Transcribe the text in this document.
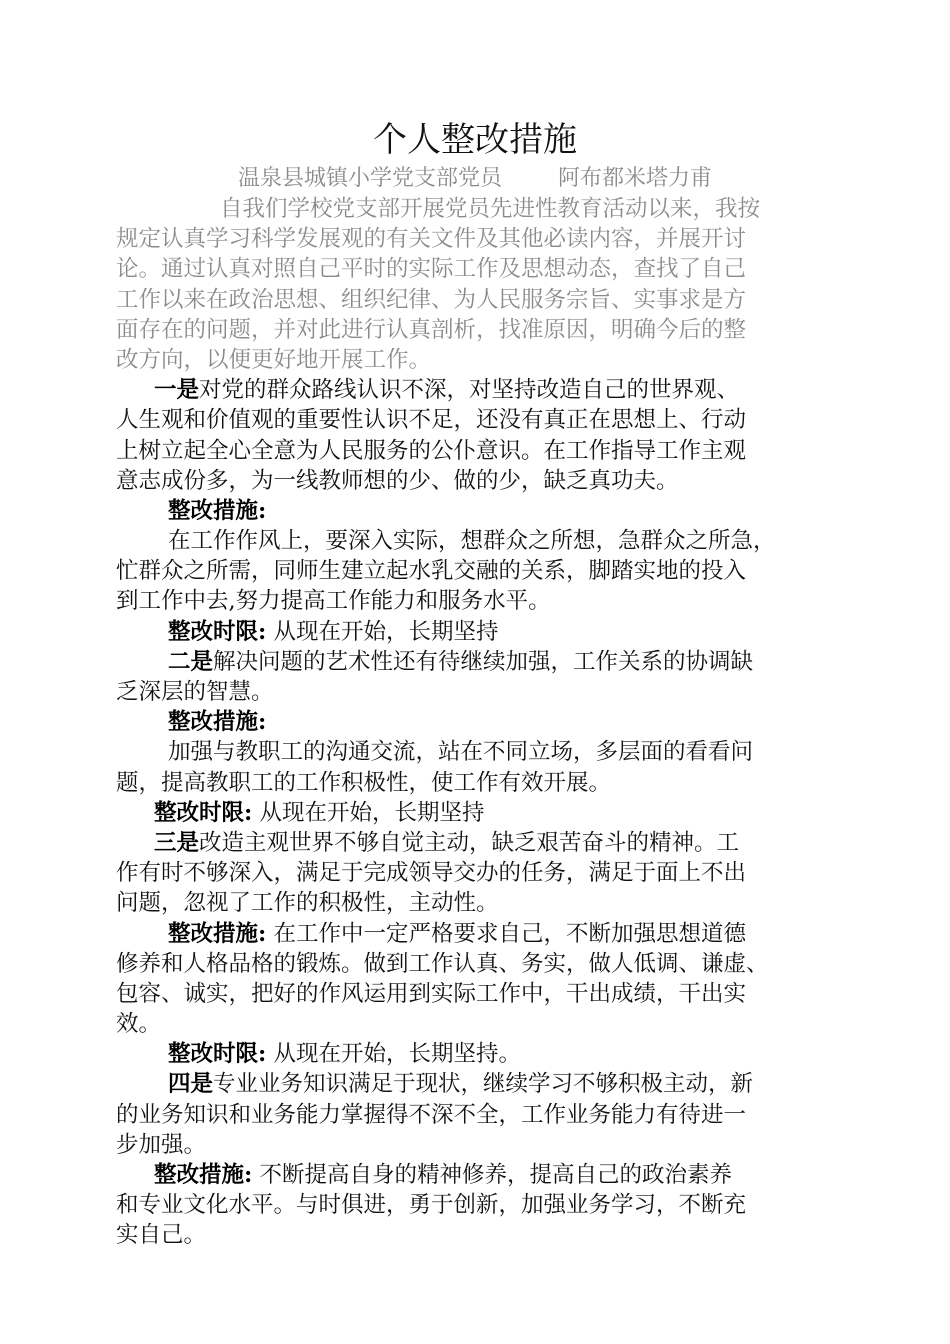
个人整改措施
温泉县城镇小学党支部党员        阿布都米塔力甫
自我们学校党支部开展党员先进性教育活动以来，我按
规定认真学习科学发展观的有关文件及其他必读内容，并展开讨
论。通过认真对照自己平时的实际工作及思想动态，查找了自己
工作以来在政治思想、组织纪律、为人民服务宗旨、实事求是方
面存在的问题，并对此进行认真剖析，找准原因，明确今后的整
改方向，以便更好地开展工作。
一是对党的群众路线认识不深，对坚持改造自己的世界观、
人生观和价值观的重要性认识不足，还没有真正在思想上、行动
上树立起全心全意为人民服务的公仆意识。在工作指导工作主观
意志成份多，为一线教师想的少、做的少，缺乏真功夫。
整改措施:
在工作作风上，要深入实际，想群众之所想，急群众之所急，
忙群众之所需，同师生建立起水乳交融的关系，脚踏实地的投入
到工作中去,努力提高工作能力和服务水平。
整改时限: 从现在开始，长期坚持
二是解决问题的艺术性还有待继续加强，工作关系的协调缺
乏深层的智慧。
整改措施:
加强与教职工的沟通交流，站在不同立场，多层面的看看问
题，提高教职工的工作积极性，使工作有效开展。
整改时限: 从现在开始，长期坚持
三是改造主观世界不够自觉主动，缺乏艰苦奋斗的精神。工
作有时不够深入，满足于完成领导交办的任务，满足于面上不出
问题，忽视了工作的积极性，主动性。
整改措施: 在工作中一定严格要求自己，不断加强思想道德
修养和人格品格的锻炼。做到工作认真、务实，做人低调、谦虚、
包容、诚实，把好的作风运用到实际工作中，干出成绩，干出实
效。
整改时限: 从现在开始，长期坚持。
四是专业业务知识满足于现状，继续学习不够积极主动，新
的业务知识和业务能力掌握得不深不全，工作业务能力有待进一
步加强。
整改措施: 不断提高自身的精神修养，提高自己的政治素养
和专业文化水平。与时俱进，勇于创新，加强业务学习，不断充
实自己。
